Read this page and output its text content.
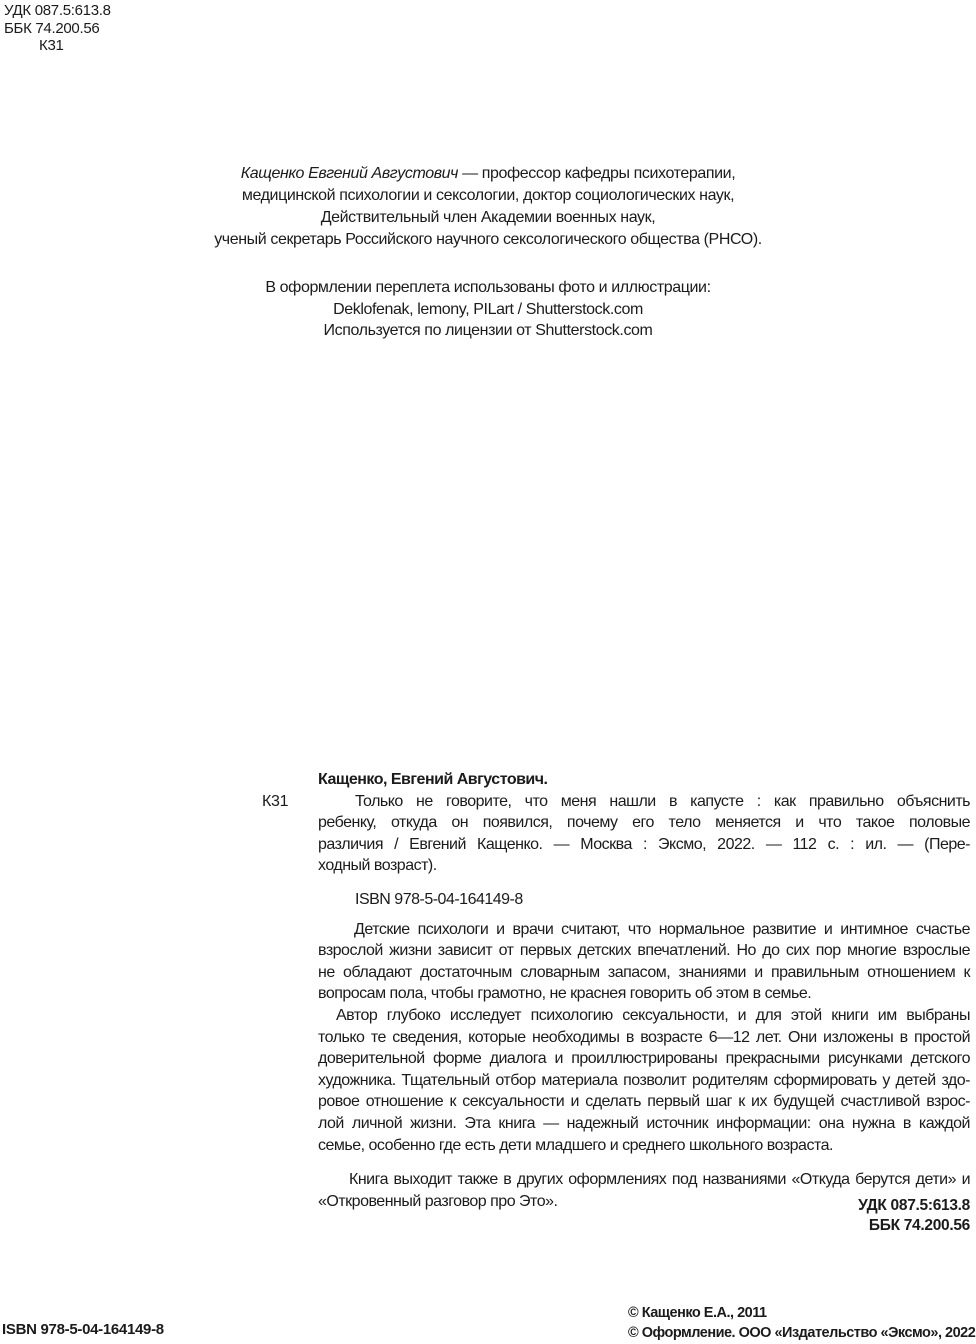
УДК 087.5:613.8
ББК 74.200.56
К31
Кащенко Евгений Августович — профессор кафедры психотерапии,
медицинской психологии и сексологии, доктор социологических наук,
Действительный член Академии военных наук,
ученый секретарь Российского научного сексологического общества (РНСО).
В оформлении переплета использованы фото и иллюстрации:
Deklofenak, lemony, PILart / Shutterstock.com
Используется по лицензии от Shutterstock.com
К31
Кащенко, Евгений Августович.
Только не говорите, что меня нашли в капусте : как правильно объяснить
ребенку, откуда он появился, почему его тело меняется и что такое половые
различия / Евгений Кащенко. — Москва : Эксмо, 2022. — 112 с. : ил. — (Пере-
ходный возраст).
ISBN 978-5-04-164149-8
Детские психологи и врачи считают, что нормальное развитие и интимное счастье
взрослой жизни зависит от первых детских впечатлений. Но до сих пор многие взрослые
не обладают достаточным словарным запасом, знаниями и правильным отношением к
вопросам пола, чтобы грамотно, не краснея говорить об этом в семье.
Автор глубоко исследует психологию сексуальности, и для этой книги им выбраны
только те сведения, которые необходимы в возрасте 6—12 лет. Они изложены в простой
доверительной форме диалога и проиллюстрированы прекрасными рисунками детского
художника. Тщательный отбор материала позволит родителям сформировать у детей здо-
ровое отношение к сексуальности и сделать первый шаг к их будущей счастливой взрос-
лой личной жизни. Эта книга — надежный источник информации: она нужна в каждой
семье, особенно где есть дети младшего и среднего школьного возраста.
Книга выходит также в других оформлениях под названиями «Откуда берутся дети» и
«Откровенный разговор про Это».	УДК 087.5:613.8
ББК 74.200.56
ISBN 978-5-04-164149-8
© Кащенко Е.А., 2011
© Оформление. ООО «Издательство «Эксмо», 2022
